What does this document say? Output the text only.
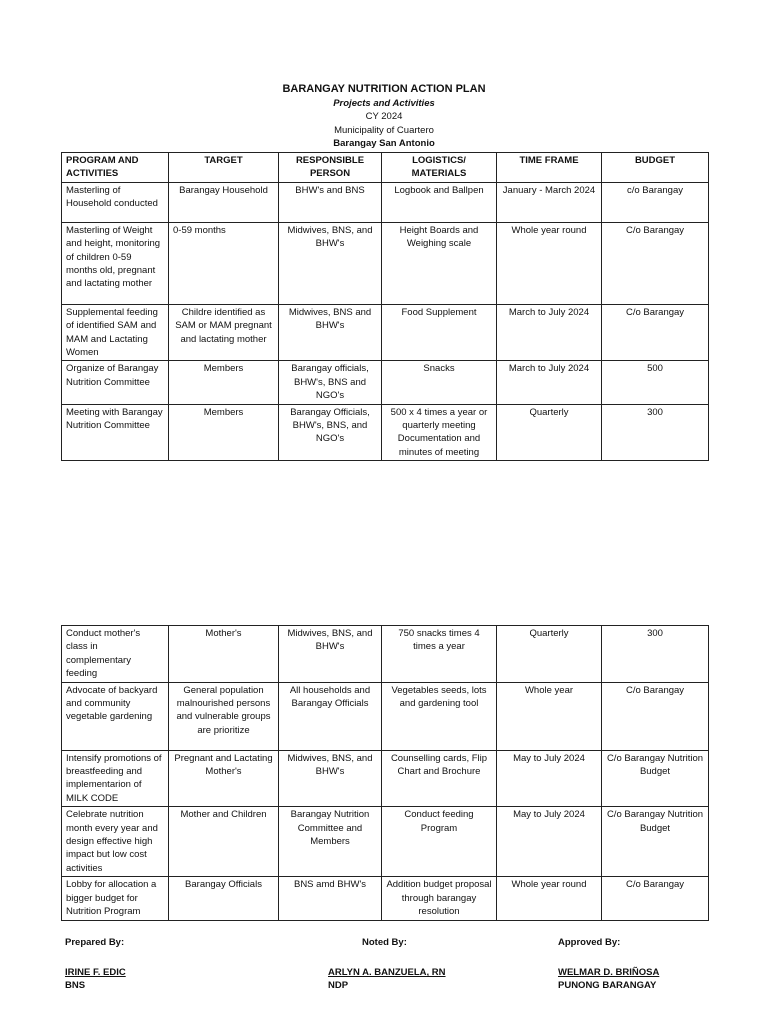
BARANGAY NUTRITION ACTION PLAN
Projects and Activities
CY 2024
Municipality of Cuartero
Barangay San Antonio
PROGRAM AND ACTIVITIES	TARGET	RESPONSIBLE PERSON	LOGISTICS/ MATERIALS	TIME FRAME	BUDGET
Masterling of Household conducted	Barangay Household	BHW's and BNS	Logbook and Ballpen	January - March 2024	c/o Barangay
Masterling of Weight and height, monitoring of children 0-59 months old, pregnant and lactating mother	0-59 months	Midwives, BNS, and BHW's	Height Boards and Weighing scale	Whole year round	C/o Barangay
Supplemental feeding of identified SAM and MAM and Lactating Women	Childre identified as SAM or MAM pregnant and lactating mother	Midwives, BNS and BHW's	Food Supplement	March to July 2024	C/o Barangay
Organize of Barangay Nutrition Committee	Members	Barangay officials, BHW's, BNS and NGO's	Snacks	March to July 2024	500
Meeting with Barangay Nutrition Committee	Members	Barangay Officials, BHW's, BNS, and NGO's	500 x 4 times a year or quarterly meeting Documentation and minutes of meeting	Quarterly	300
Conduct mother's class in complementary feeding	Mother's	Midwives, BNS, and BHW's	750 snacks times 4 times a year	Quarterly	300
Advocate of backyard and community vegetable gardening	General population malnourished persons and vulnerable groups are prioritize	All households and Barangay Officials	Vegetables seeds, lots and gardening tool	Whole year	C/o Barangay
Intensify promotions of breastfeeding and implementarion of MILK CODE	Pregnant and Lactating Mother's	Midwives, BNS, and BHW's	Counselling cards, Flip Chart and Brochure	May to July 2024	C/o Barangay Nutrition Budget
Celebrate nutrition month every year and design effective high impact but low cost activities	Mother and Children	Barangay Nutrition Committee and Members	Conduct feeding Program	May to July 2024	C/o Barangay Nutrition Budget
Lobby for allocation a bigger budget for Nutrition Program	Barangay Officials	BNS amd BHW's	Addition budget proposal through barangay resolution	Whole year round	C/o Barangay
Prepared By:
IRINE F. EDIC
BNS
Noted By:
ARLYN A. BANZUELA, RN
NDP
Approved By:
WELMAR D. BRIÑOSA
PUNONG BARANGAY
